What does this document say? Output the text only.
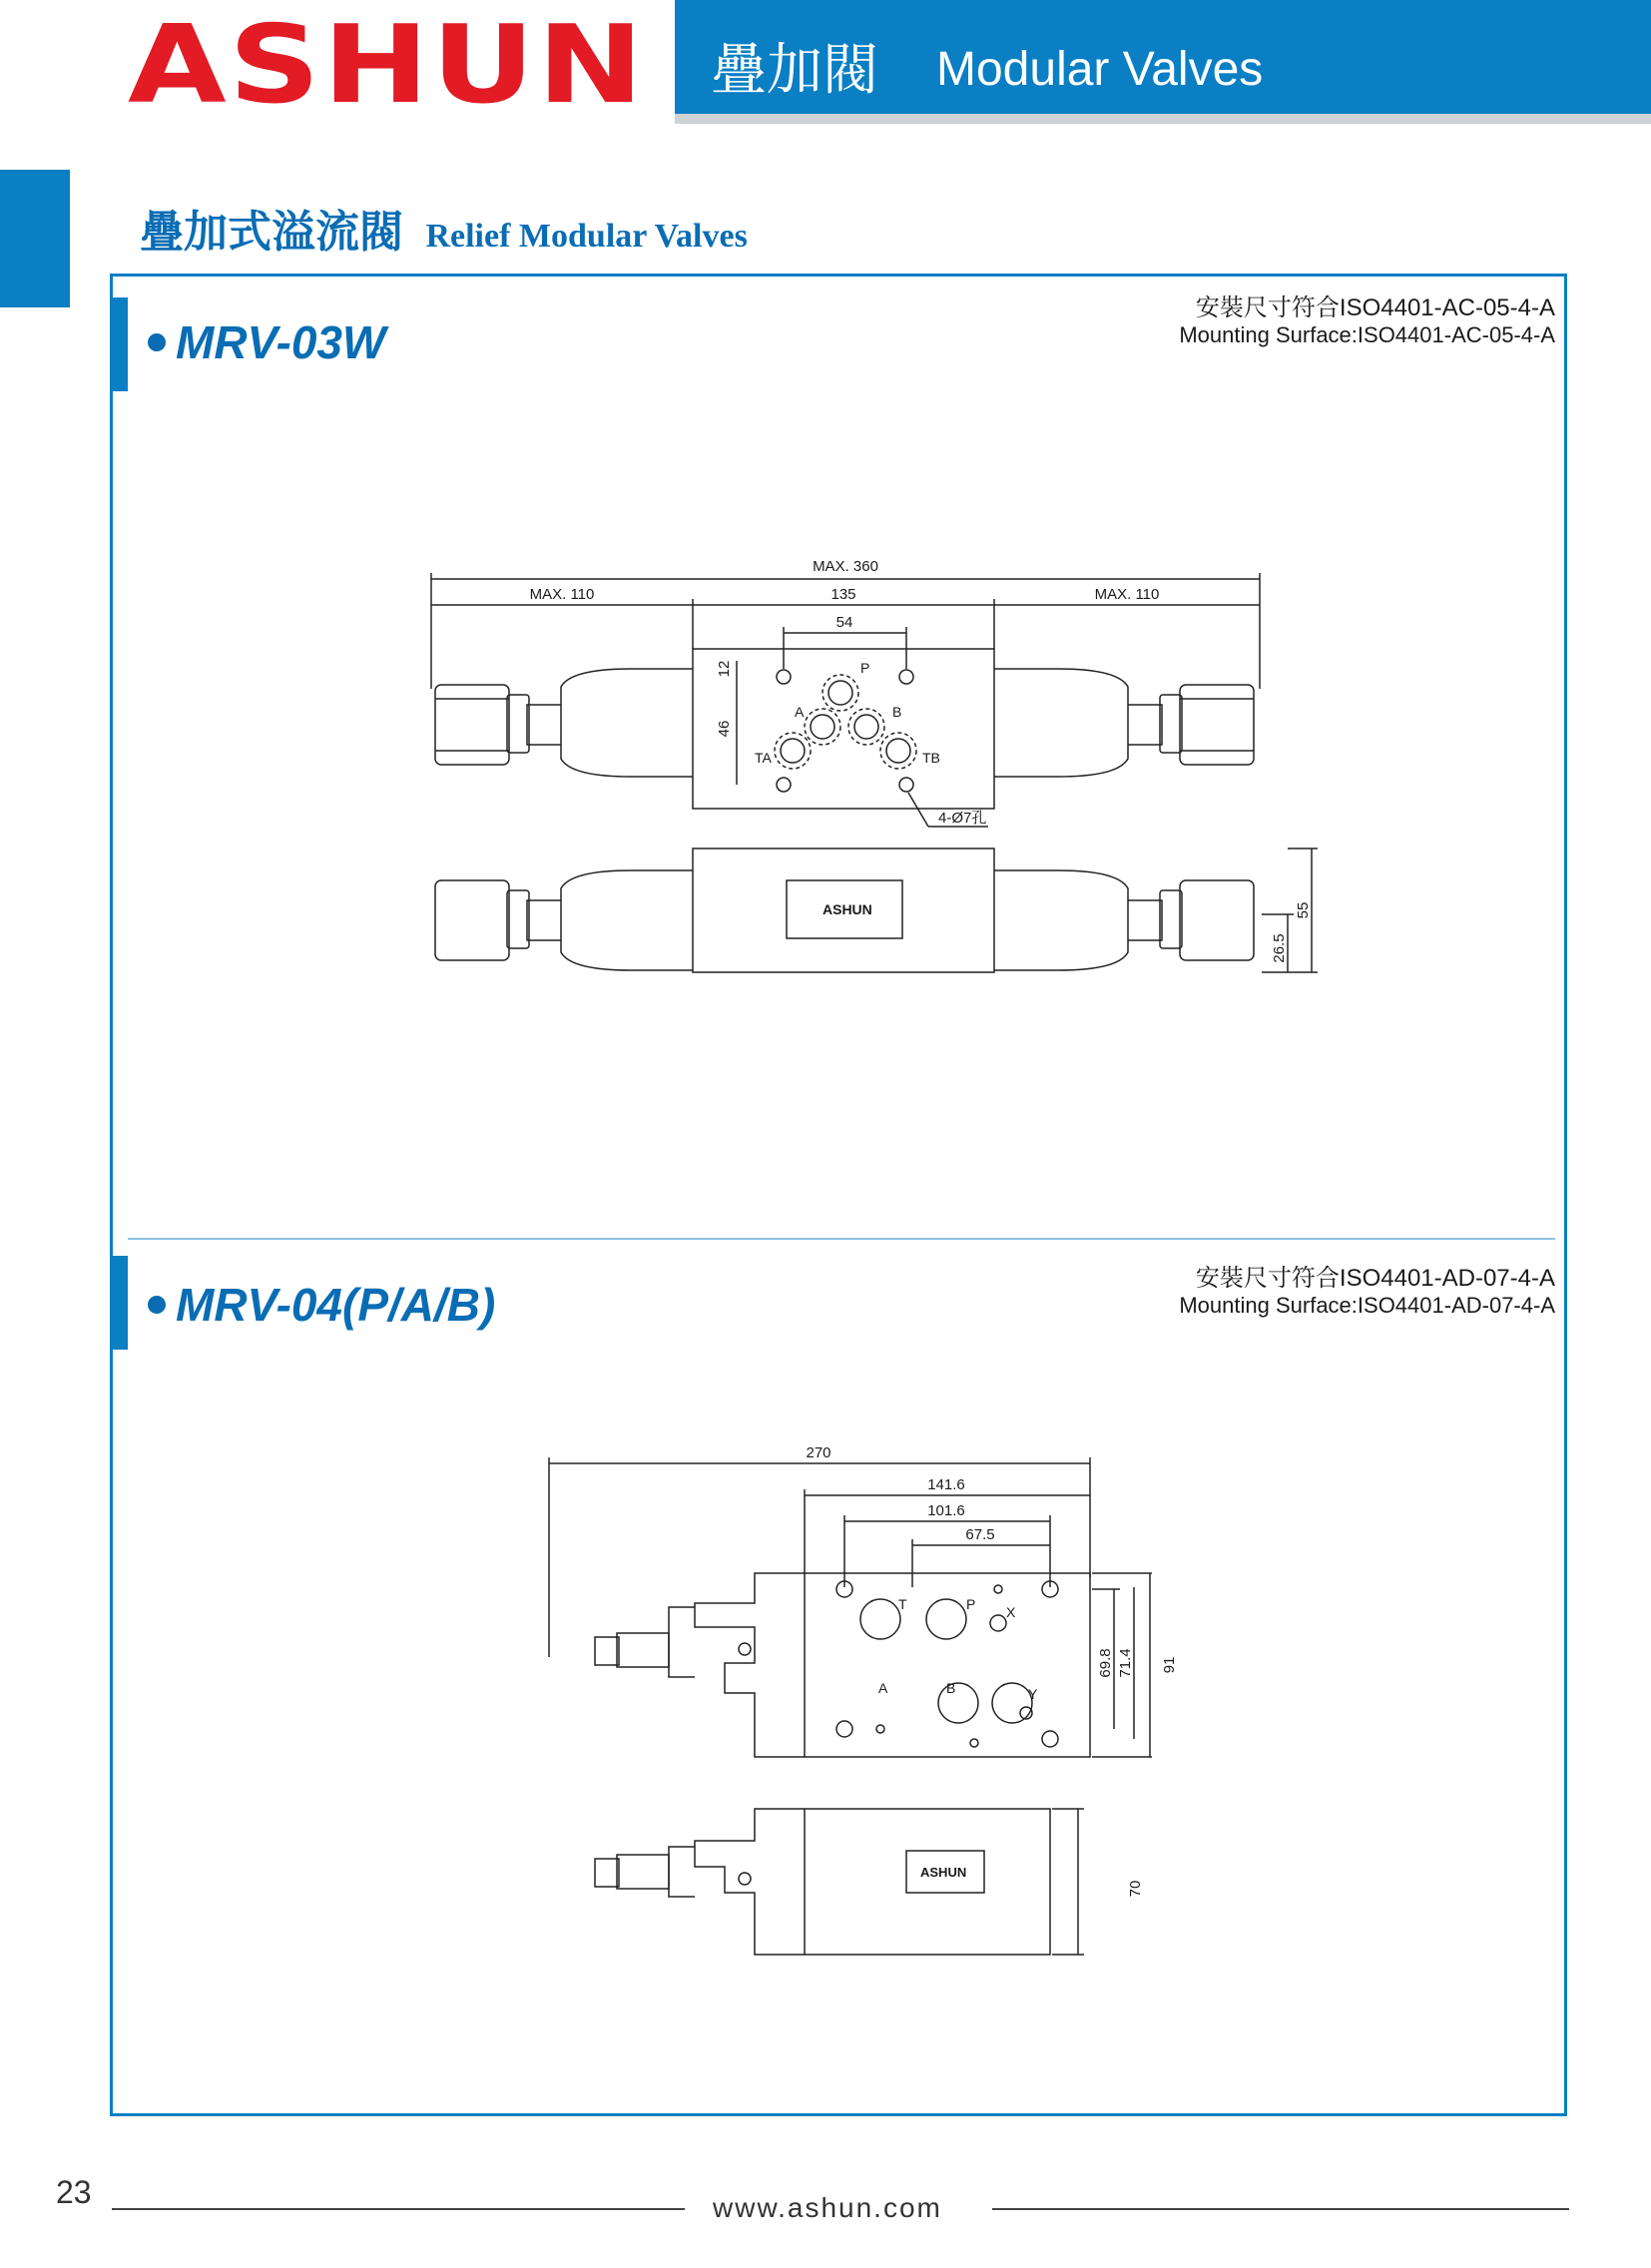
ASHUN 疊加閥 Modular Valves
疊加式溢流閥 Relief Modular Valves
MRV-03W
安裝尺寸符合ISO4401-AC-05-4-A
Mounting Surface:ISO4401-AC-05-4-A
MAX. 360
MAX. 110	135	MAX. 110
54
12
46
P
A	B
TA	TB
4-Ø7孔
ASHUN
26.5
55
MRV-04(P/A/B)
安裝尺寸符合ISO4401-AD-07-4-A
Mounting Surface:ISO4401-AD-07-4-A
270
141.6
101.6
67.5
T	P X
A	B	Y
69.8 71.4 91
ASHUN
70
23	www.ashun.com
